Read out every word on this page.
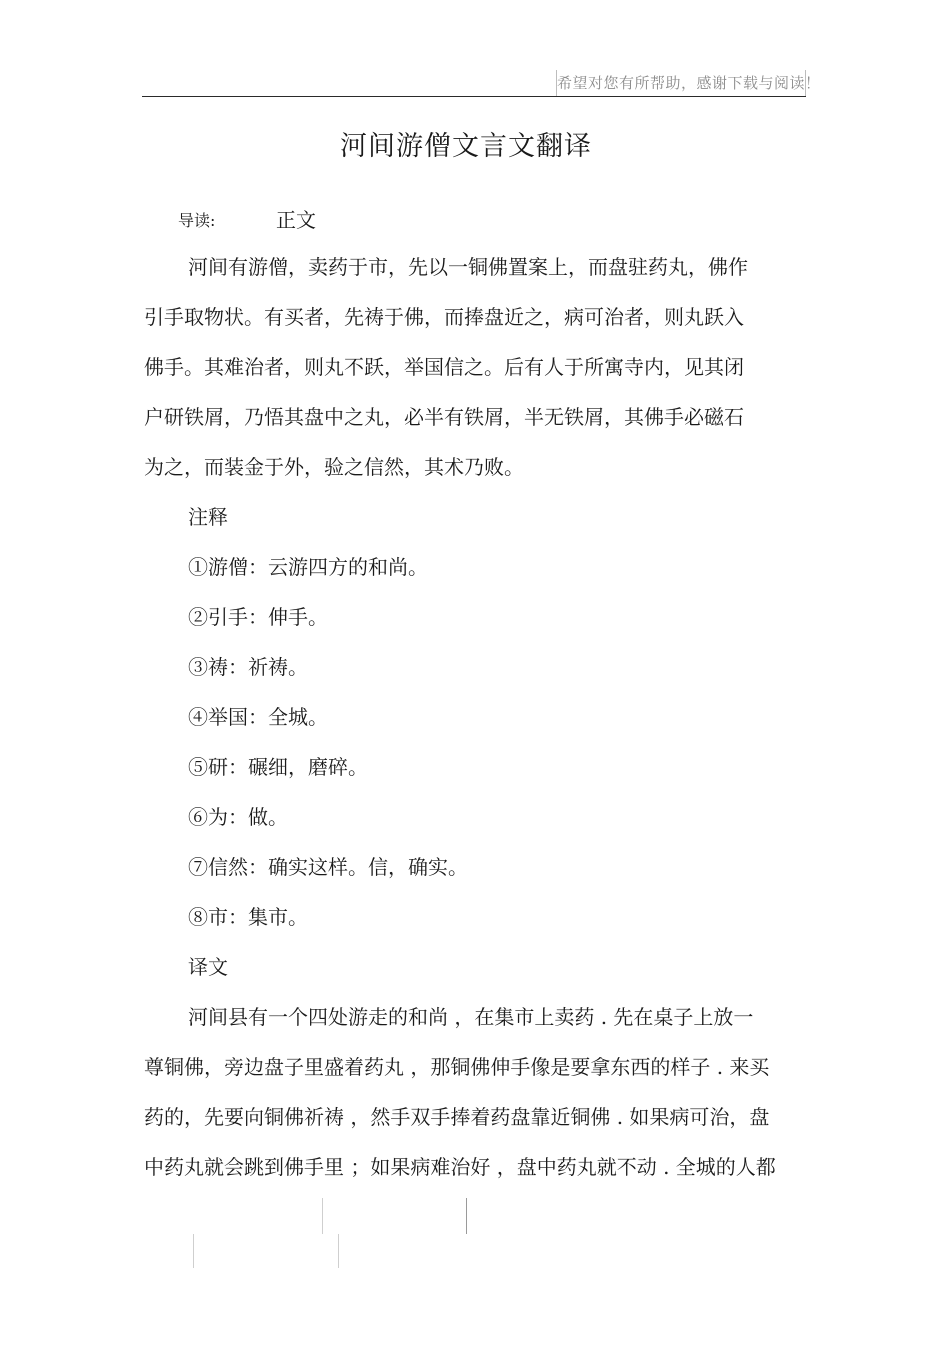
希望对您有所帮助，感谢下载与阅读！
河间游僧文言文翻译
导读:	正文
河间有游僧，卖药于市，先以一铜佛置案上，而盘驻药丸，佛作
引手取物状。有买者，先祷于佛，而捧盘近之，病可治者，则丸跃入
佛手。其难治者，则丸不跃，举国信之。后有人于所寓寺内，见其闭
户研铁屑，乃悟其盘中之丸，必半有铁屑，半无铁屑，其佛手必磁石
为之，而装金于外，验之信然，其术乃败。
注释
①游僧：云游四方的和尚。
②引手：伸手。
③祷：祈祷。
④举国：全城。
⑤研：碾细，磨碎。
⑥为：做。
⑦信然：确实这样。信，确实。
⑧市：集市。
译文
河间县有一个四处游走的和尚 ，在集市上卖药 . 先在桌子上放一
尊铜佛，旁边盘子里盛着药丸 ，那铜佛伸手像是要拿东西的样子 . 来买
药的，先要向铜佛祈祷 ，然手双手捧着药盘靠近铜佛 . 如果病可治，盘
中药丸就会跳到佛手里 ；如果病难治好 ，盘中药丸就不动 . 全城的人都
